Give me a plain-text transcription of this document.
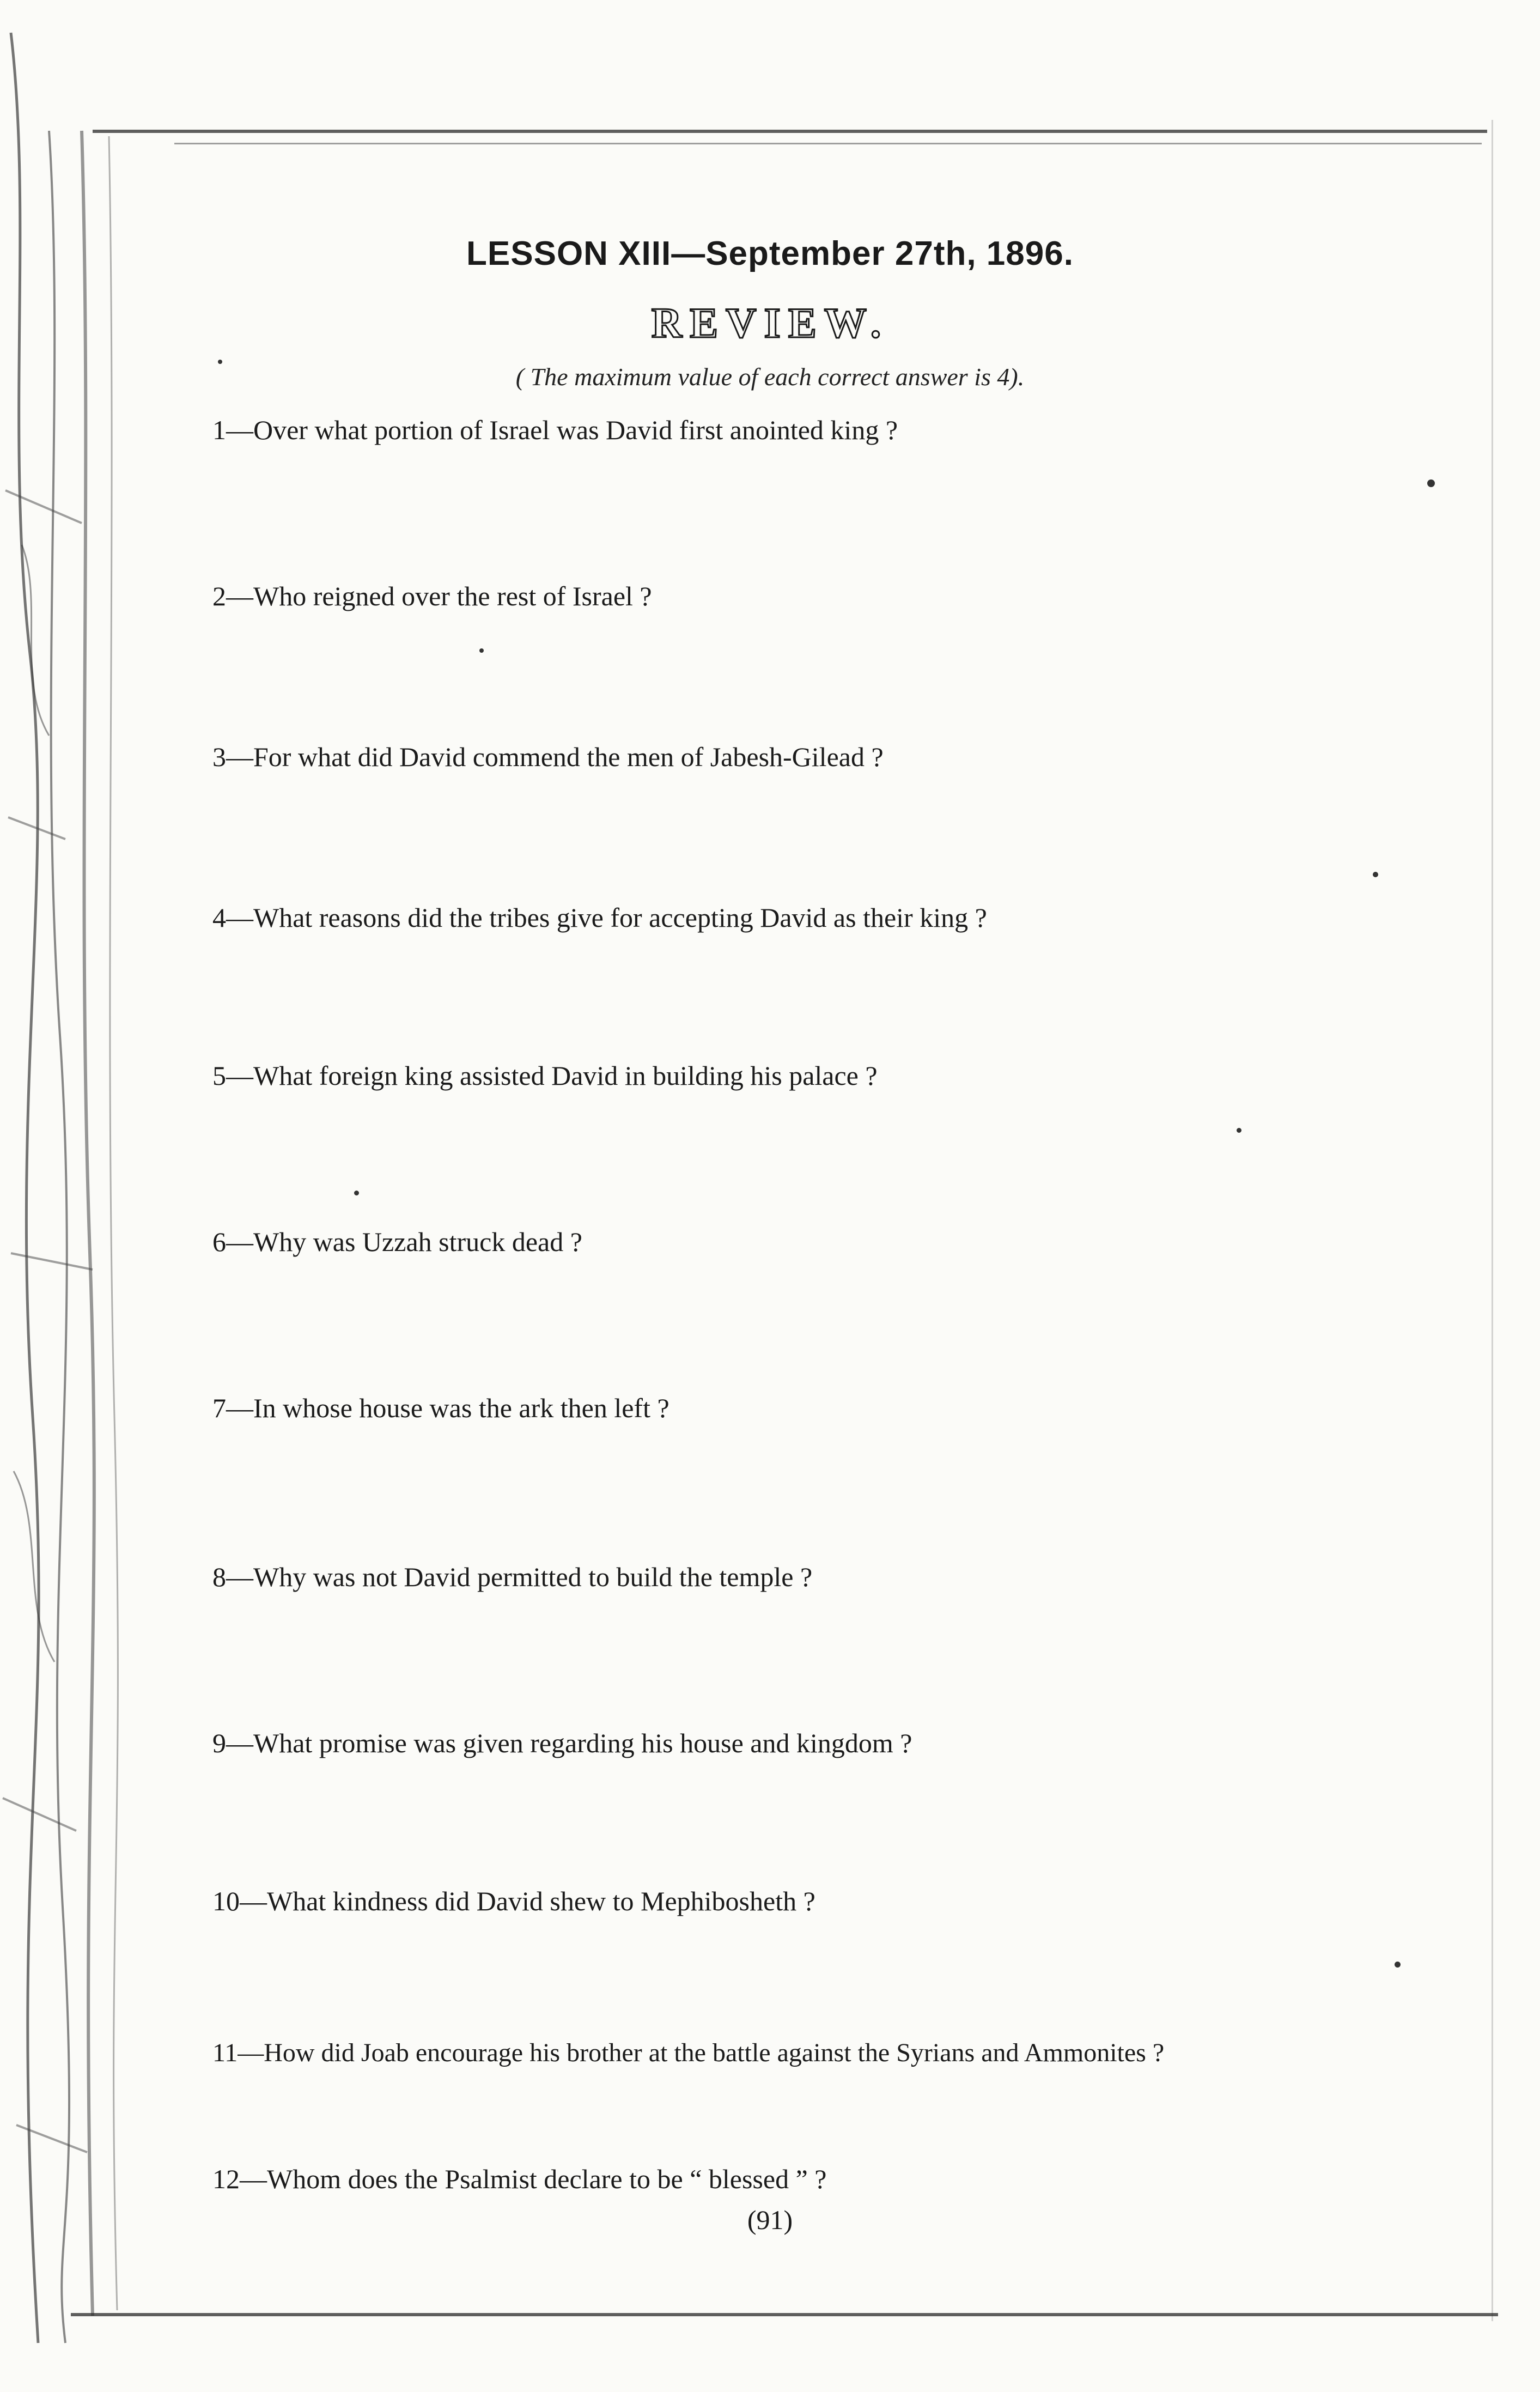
LESSON XIII—September 27th, 1896.
REVIEW.
( The maximum value of each correct answer is 4).
1—Over what portion of Israel was David first anointed king ?
2—Who reigned over the rest of Israel ?
3—For what did David commend the men of Jabesh-Gilead ?
4—What reasons did the tribes give for accepting David as their king ?
5—What foreign king assisted David in building his palace ?
6—Why was Uzzah struck dead ?
7—In whose house was the ark then left ?
8—Why was not David permitted to build the temple ?
9—What promise was given regarding his house and kingdom ?
10—What kindness did David shew to Mephibosheth ?
11—How did Joab encourage his brother at the battle against the Syrians and Ammonites ?
12—Whom does the Psalmist declare to be “ blessed ” ?
(91)
